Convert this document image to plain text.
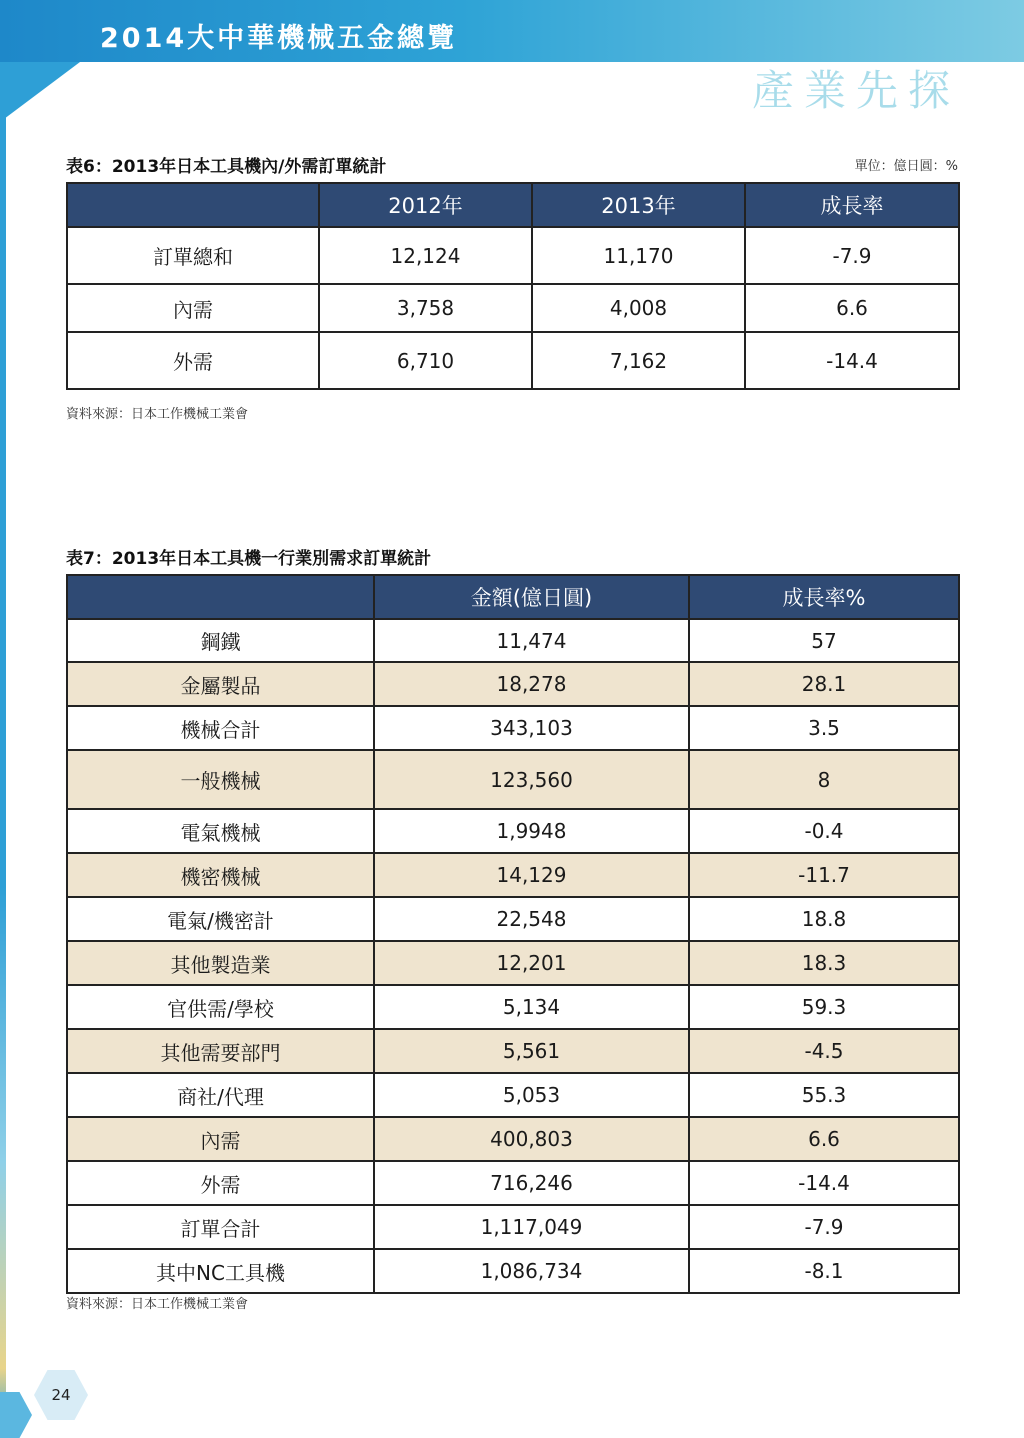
2014大中華機械五金總覽
產業先探
表6：2013年日本工具機內/外需訂單統計	單位：億日圓：%
	2012年	2013年	成長率
訂單總和	12,124	11,170	-7.9
內需	3,758	4,008	6.6
外需	6,710	7,162	-14.4
資料來源：日本工作機械工業會
表7：2013年日本工具機一行業別需求訂單統計
	金額(億日圓)	成長率%
鋼鐵	11,474	57
金屬製品	18,278	28.1
機械合計	343,103	3.5
一般機械	123,560	8
電氣機械	1,9948	-0.4
機密機械	14,129	-11.7
電氣/機密計	22,548	18.8
其他製造業	12,201	18.3
官供需/學校	5,134	59.3
其他需要部門	5,561	-4.5
商社/代理	5,053	55.3
內需	400,803	6.6
外需	716,246	-14.4
訂單合計	1,117,049	-7.9
其中NC工具機	1,086,734	-8.1
資料來源：日本工作機械工業會
24
